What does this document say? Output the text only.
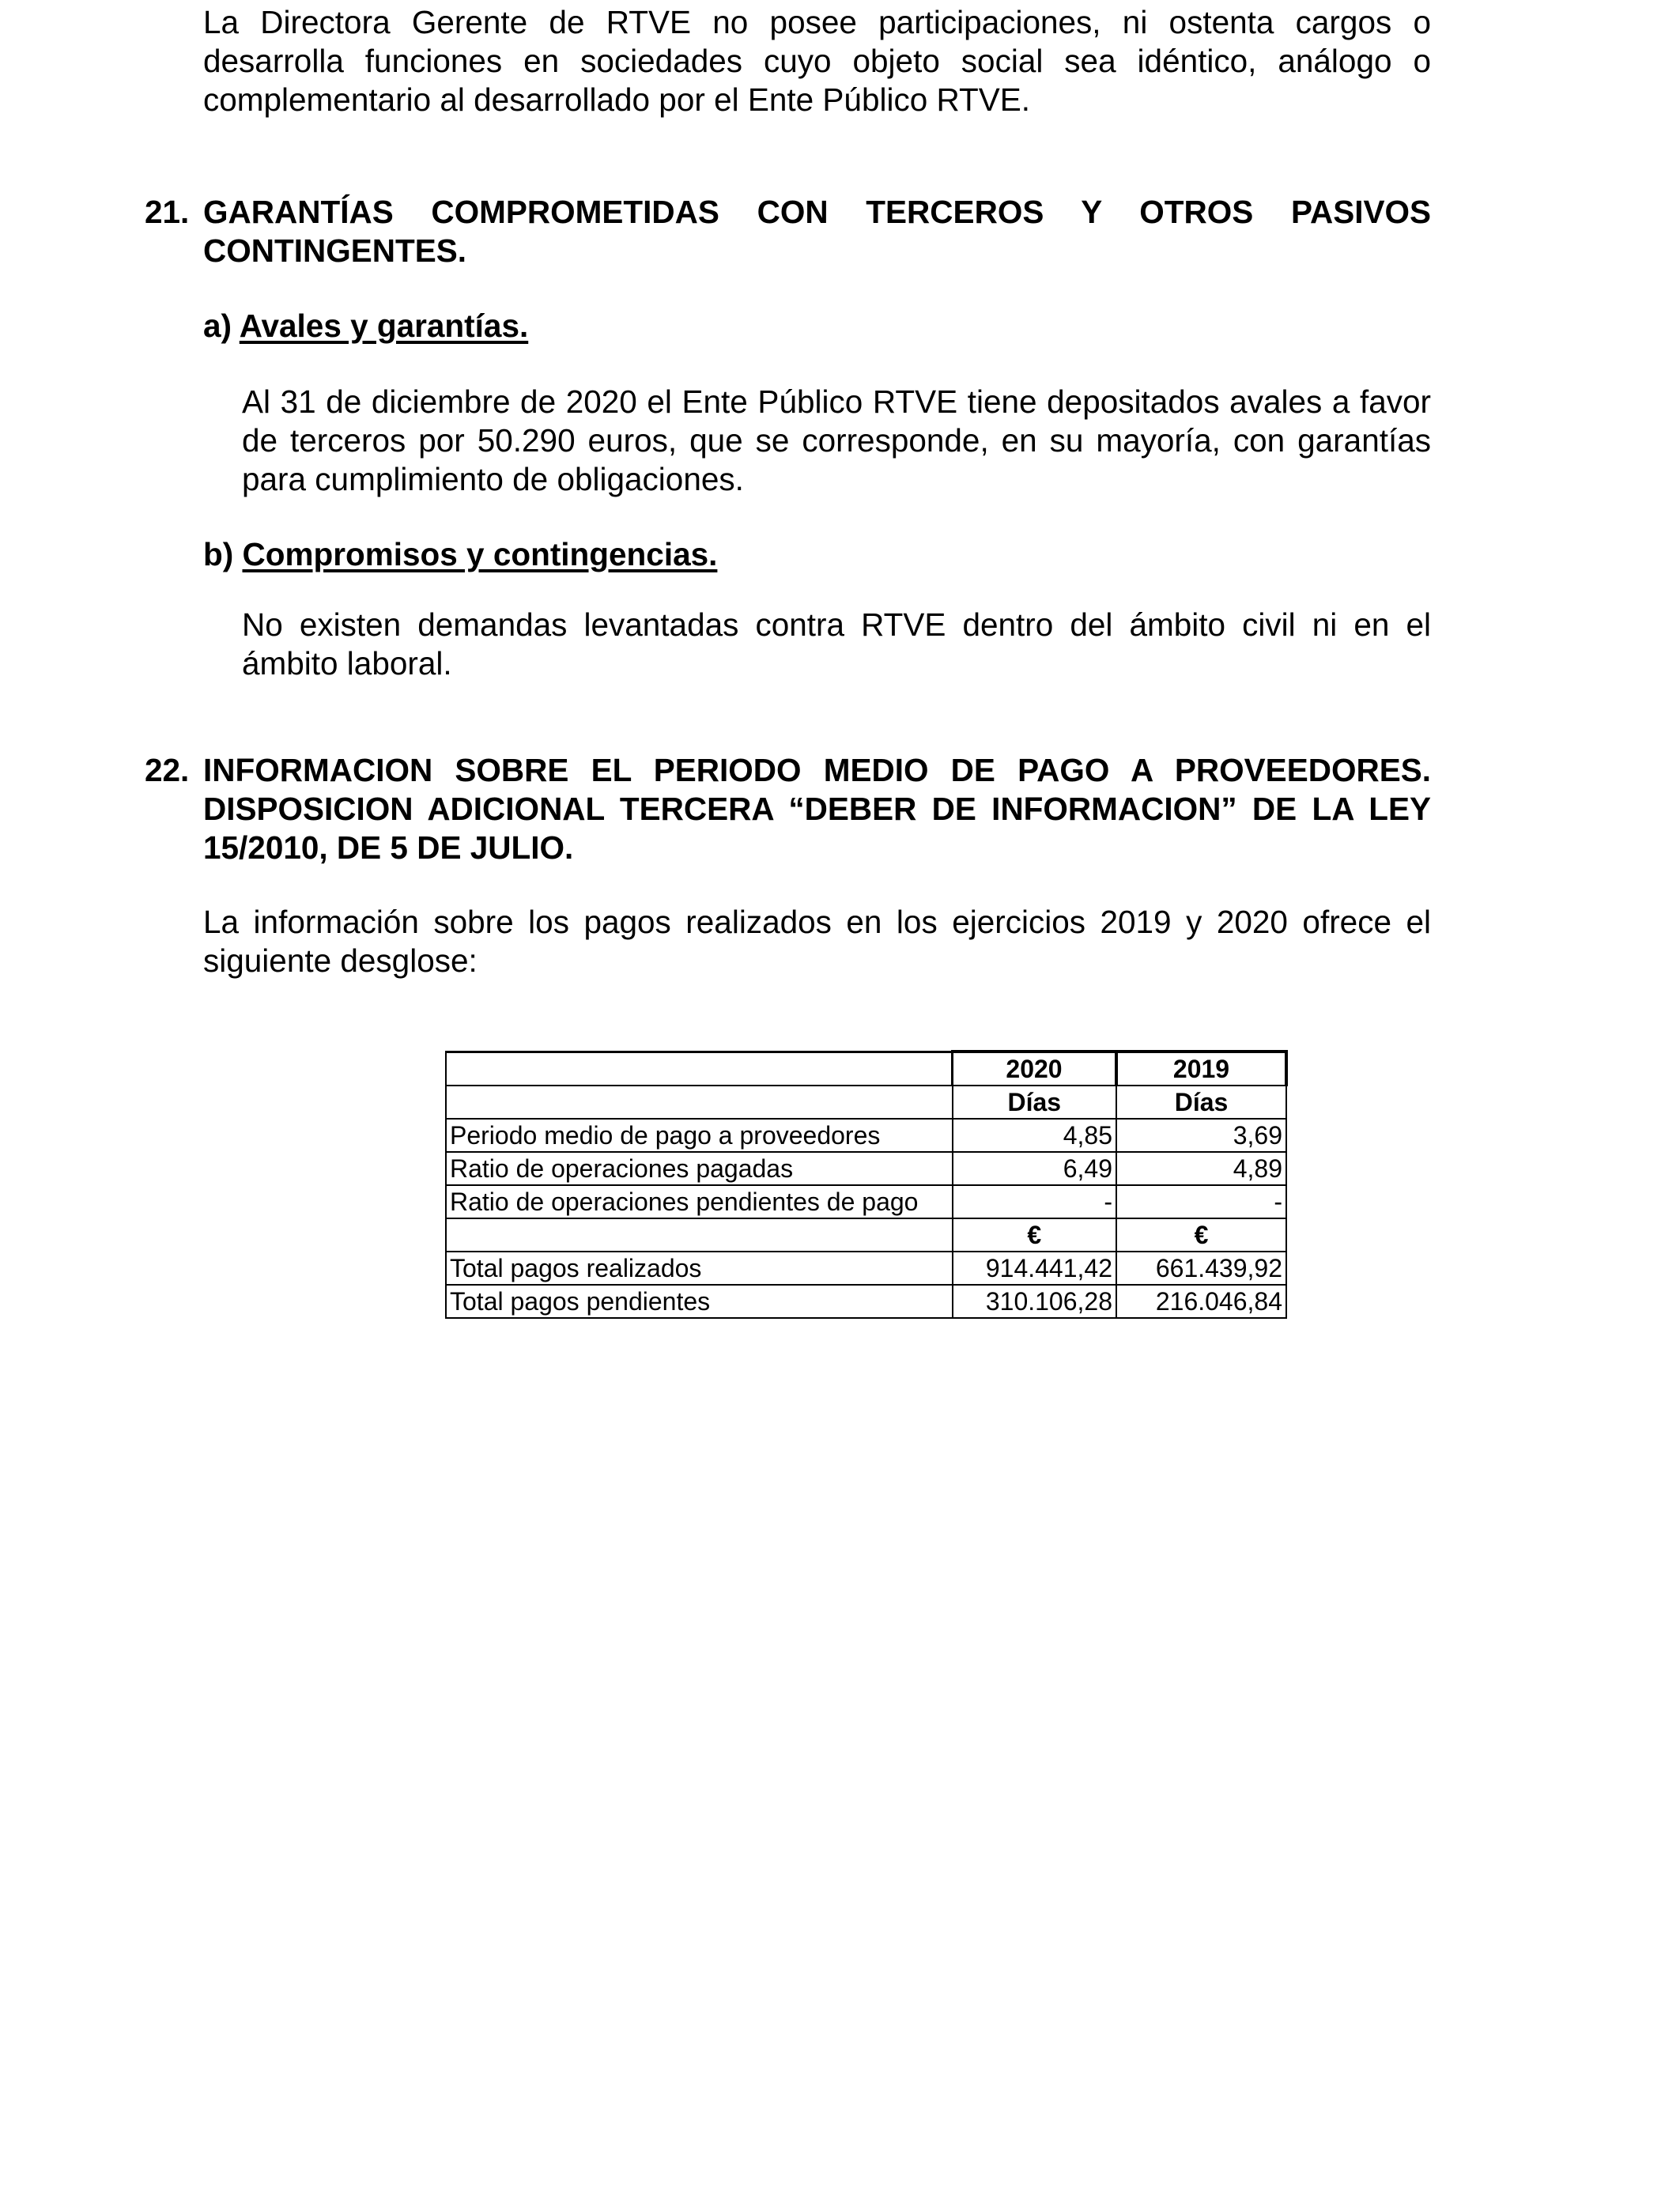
La Directora Gerente de RTVE no posee participaciones, ni ostenta cargos o desarrolla funciones en sociedades cuyo objeto social sea idéntico, análogo o complementario al desarrollado por el Ente Público RTVE.

21. GARANTÍAS COMPROMETIDAS CON TERCEROS Y OTROS PASIVOS
CONTINGENTES.
a) Avales y garantías.

Al 31 de diciembre de 2020 el Ente Público RTVE tiene depositados avales a favor de terceros por 50.290 euros, que se corresponde, en su mayoría, con garantías para cumplimiento de obligaciones.

b) Compromisos y contingencias.

No existen demandas levantadas contra RTVE dentro del ámbito civil ni en el ámbito laboral.

22. INFORMACION SOBRE EL PERIODO MEDIO DE PAGO A PROVEEDORES.
DISPOSICION ADICIONAL TERCERA “DEBER DE INFORMACION” DE LA LEY
15/2010, DE 5 DE JULIO.

La información sobre los pagos realizados en los ejercicios 2019 y 2020 ofrece el siguiente desglose:

	2020	2019
	Días	Días
Periodo medio de pago a proveedores	4,85	3,69
Ratio de operaciones pagadas	6,49	4,89
Ratio de operaciones pendientes de pago	-	-
	€	€
Total pagos realizados	914.441,42	661.439,92
Total pagos pendientes	310.106,28	216.046,84
